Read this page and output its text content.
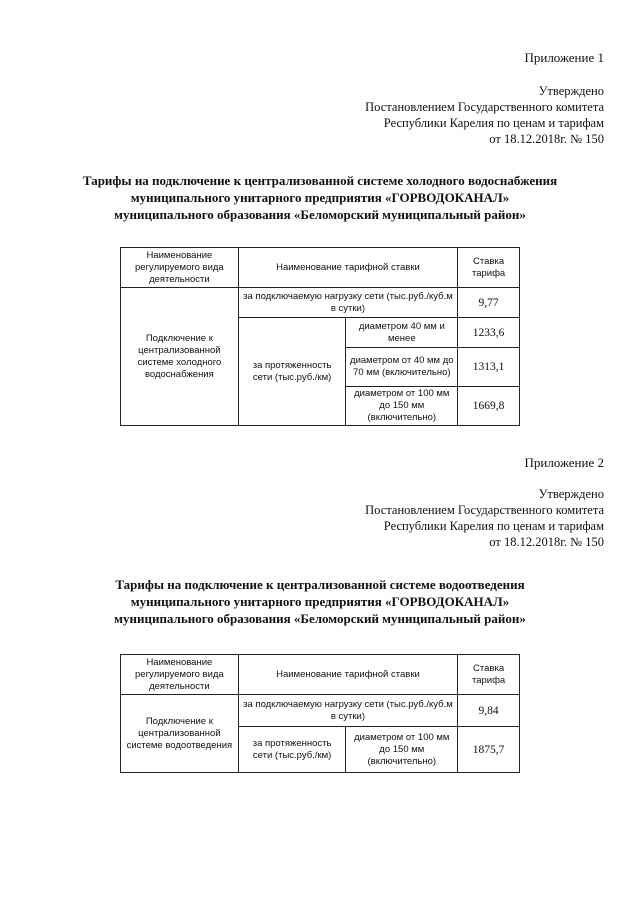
Приложение 1
Утверждено
Постановлением Государственного комитета
Республики Карелия по ценам и тарифам
от 18.12.2018г. № 150
Тарифы на подключение к централизованной системе холодного водоснабжения
муниципального унитарного предприятия «ГОРВОДОКАНАЛ»
муниципального образования «Беломорский муниципальный район»
Наименование регулируемого вида деятельности	Наименование тарифной ставки		Ставка тарифа
Подключение к централизованной системе холодного водоснабжения	за подключаемую нагрузку сети (тыс.руб./куб.м в сутки)		9,77
	за протяженность сети (тыс.руб./км)	диаметром 40 мм и менее	1233,6
		диаметром от 40 мм до 70 мм (включительно)	1313,1
		диаметром от 100 мм до 150 мм (включительно)	1669,8
Приложение 2
Утверждено
Постановлением Государственного комитета
Республики Карелия по ценам и тарифам
от 18.12.2018г. № 150
Тарифы на подключение к централизованной системе водоотведения
муниципального унитарного предприятия «ГОРВОДОКАНАЛ»
муниципального образования «Беломорский муниципальный район»
Наименование регулируемого вида деятельности	Наименование тарифной ставки		Ставка тарифа
Подключение к централизованной системе водоотведения	за подключаемую нагрузку сети (тыс.руб./куб.м в сутки)		9,84
	за протяженность сети (тыс.руб./км)	диаметром от 100 мм до 150 мм (включительно)	1875,7
